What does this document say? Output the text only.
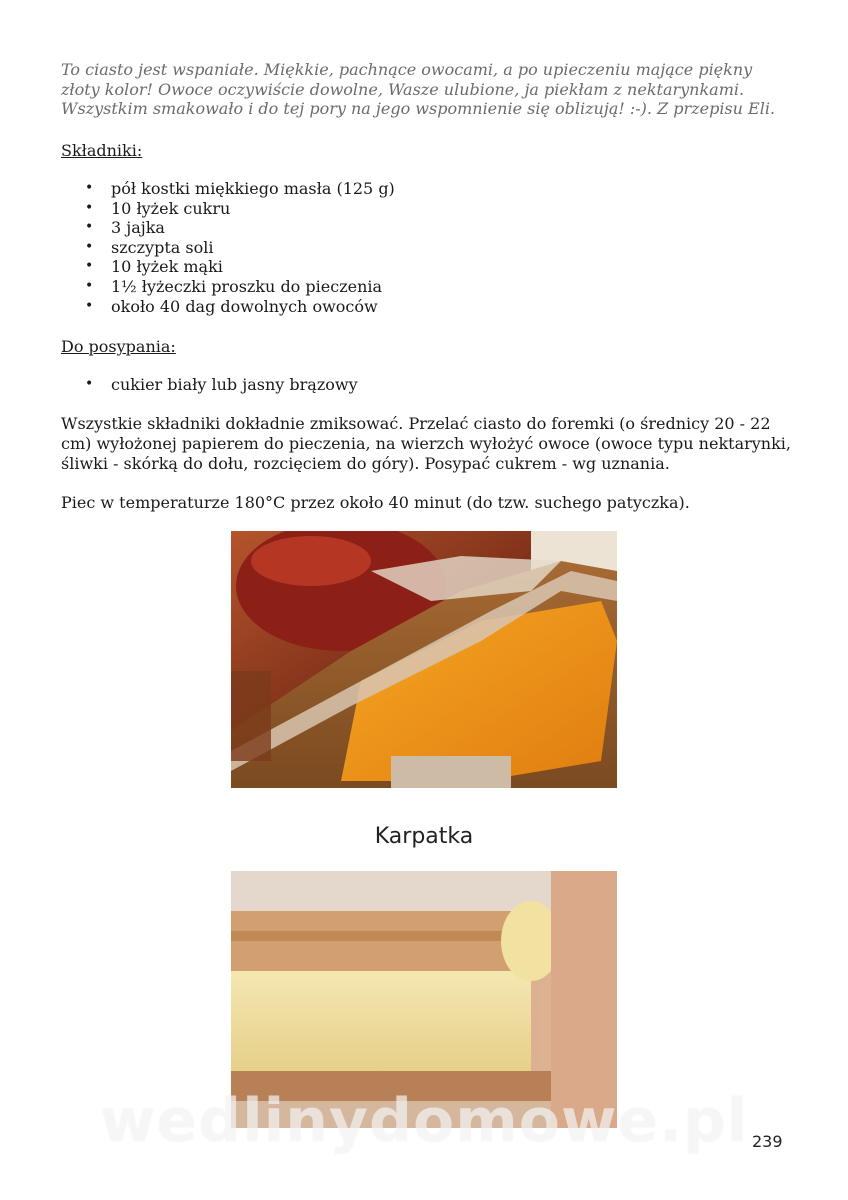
To ciasto jest wspaniałe. Miękkie, pachnące owocami, a po upieczeniu mające piękny złoty kolor! Owoce oczywiście dowolne, Wasze ulubione, ja piekłam z nektarynkami. Wszystkim smakowało i do tej pory na jego wspomnienie się oblizują! :-). Z przepisu Eli.

Składniki:

• pół kostki miękkiego masła (125 g)
• 10 łyżek cukru
• 3 jajka
• szczypta soli
• 10 łyżek mąki
• 1½ łyżeczki proszku do pieczenia
• około 40 dag dowolnych owoców

Do posypania:

• cukier biały lub jasny brązowy

Wszystkie składniki dokładnie zmiksować. Przelać ciasto do foremki (o średnicy 20 - 22 cm) wyłożonej papierem do pieczenia, na wierzch wyłożyć owoce (owoce typu nektarynki, śliwki - skórką do dołu, rozcięciem do góry). Posypać cukrem - wg uznania.

Piec w temperaturze 180°C przez około 40 minut (do tzw. suchego patyczka).

Karpatka

wedlinydomowe.pl 239
